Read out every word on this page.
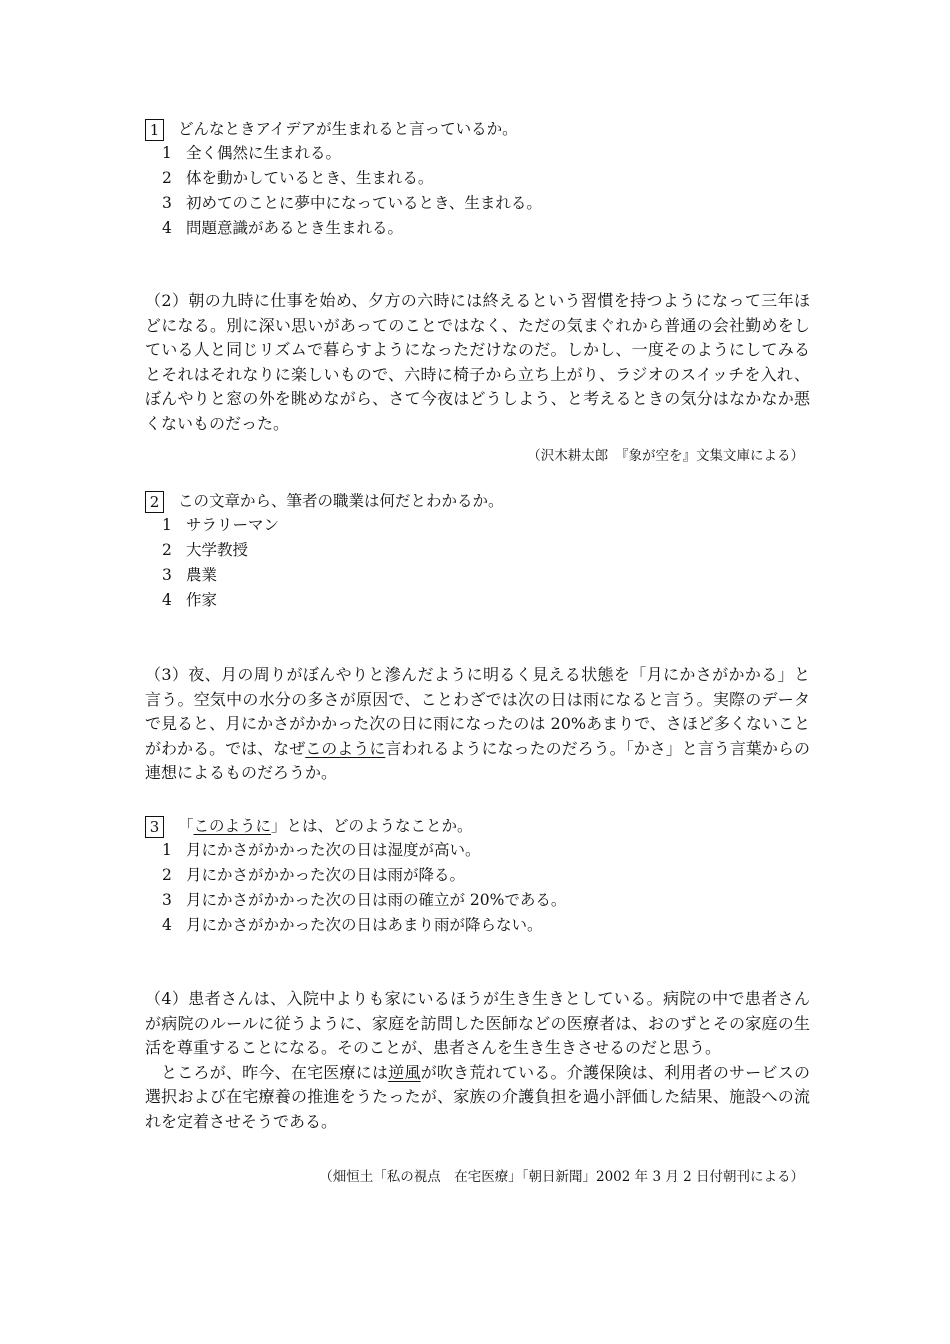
1 どんなときアイデアが生まれると言っているか。
1 全く偶然に生まれる。
2 体を動かしているとき、生まれる。
3 初めてのことに夢中になっているとき、生まれる。
4 問題意識があるとき生まれる。

（2）朝の九時に仕事を始め、夕方の六時には終えるという習慣を持つようになって三年ほどになる。別に深い思いがあってのことではなく、ただの気まぐれから普通の会社勤めをしている人と同じリズムで暮らすようになっただけなのだ。しかし、一度そのようにしてみるとそれはそれなりに楽しいもので、六時に椅子から立ち上がり、ラジオのスイッチを入れ、ぼんやりと窓の外を眺めながら、さて今夜はどうしよう、と考えるときの気分はなかなか悪くないものだった。

（沢木耕太郎　『象が空を』文集文庫による）
2 この文章から、筆者の職業は何だとわかるか。
1 サラリーマン
2 大学教授
3 農業
4 作家

（3）夜、月の周りがぼんやりと滲んだように明るく見える状態を「月にかさがかかる」と言う。空気中の水分の多さが原因で、ことわざでは次の日は雨になると言う。実際のデータで見ると、月にかさがかかった次の日に雨になったのは 20%あまりで、さほど多くないことがわかる。では、なぜこのように言われるようになったのだろう。「かさ」と言う言葉からの連想によるものだろうか。

3 「このように」とは、どのようなことか。
1 月にかさがかかった次の日は湿度が高い。
2 月にかさがかかった次の日は雨が降る。
3 月にかさがかかった次の日は雨の確立が 20%である。
4 月にかさがかかった次の日はあまり雨が降らない。

（4）患者さんは、入院中よりも家にいるほうが生き生きとしている。病院の中で患者さんが病院のルールに従うように、家庭を訪問した医師などの医療者は、おのずとその家庭の生活を尊重することになる。そのことが、患者さんを生き生きさせるのだと思う。

ところが、昨今、在宅医療には逆風が吹き荒れている。介護保険は、利用者のサービスの選択および在宅療養の推進をうたったが、家族の介護負担を過小評価した結果、施設への流れを定着させそうである。

（畑恒土「私の視点　在宅医療」「朝日新聞」2002 年 3 月 2 日付朝刊による）
